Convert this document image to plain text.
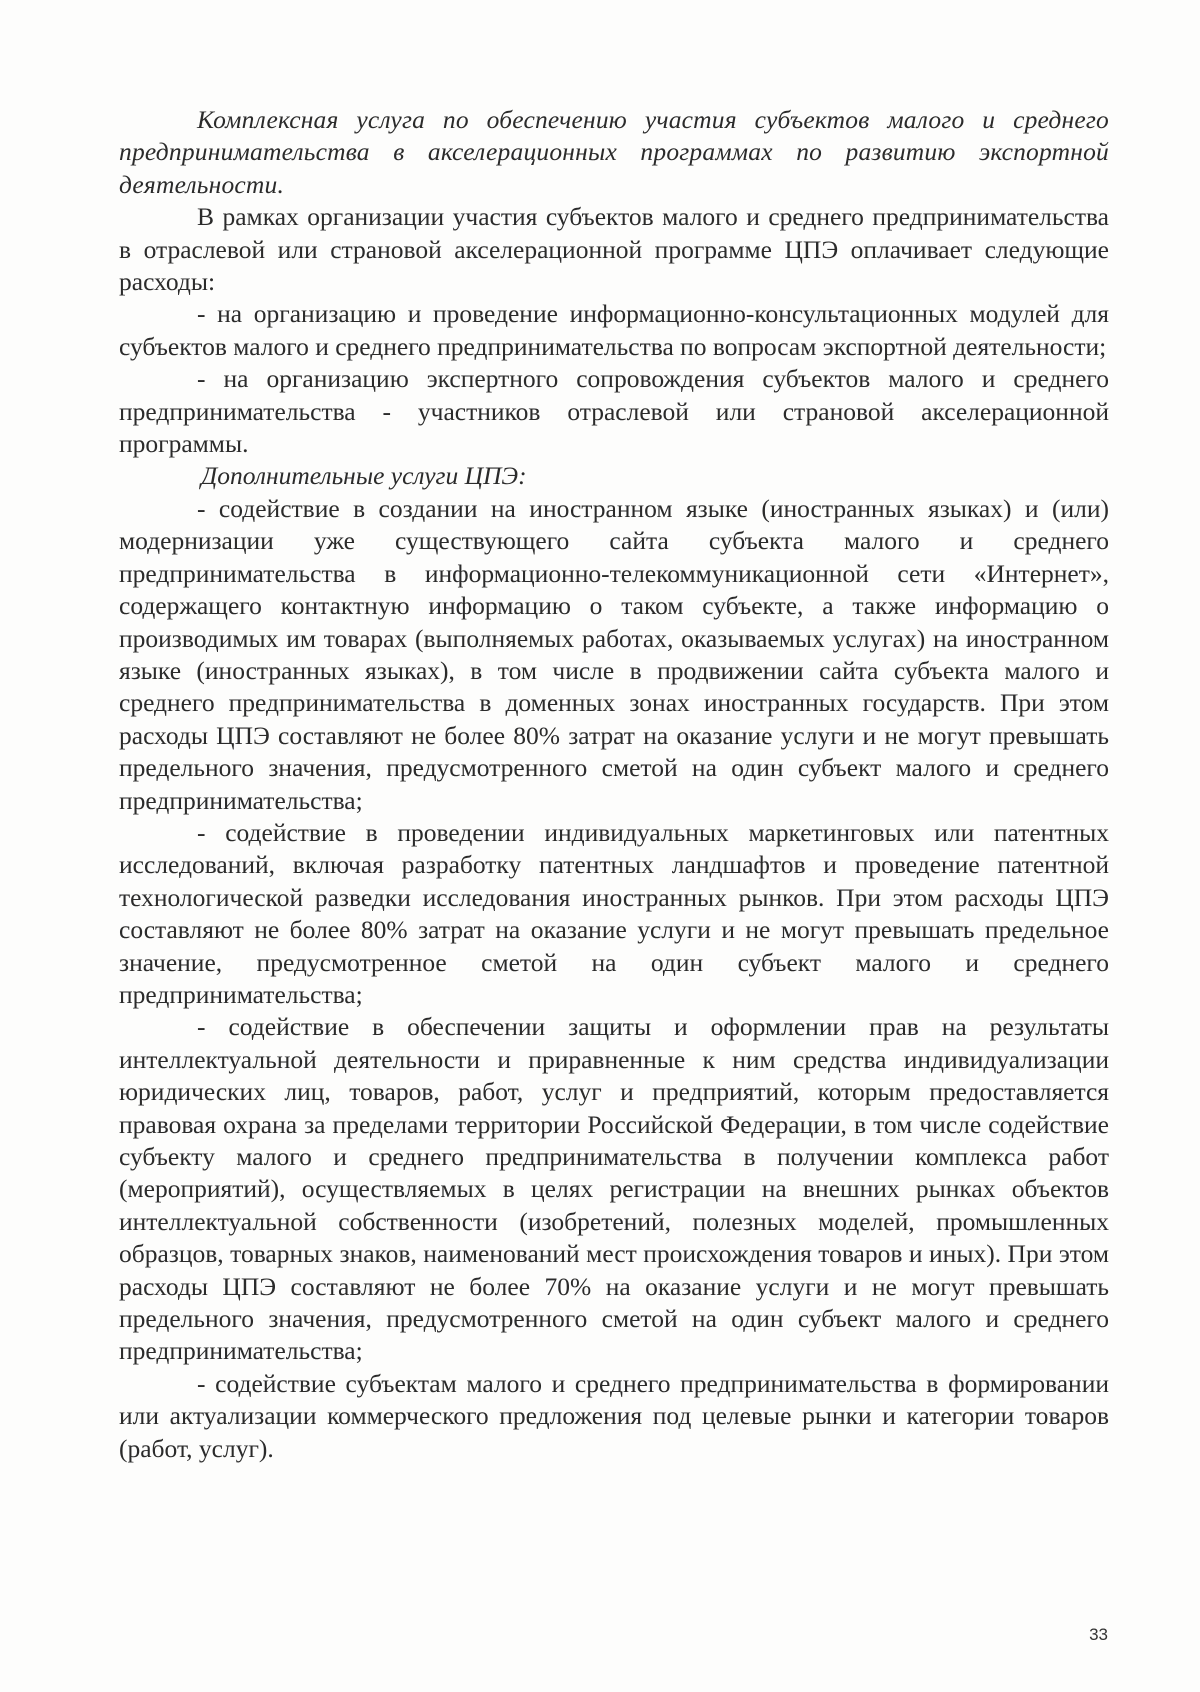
Комплексная услуга по обеспечению участия субъектов малого и среднего предпринимательства в акселерационных программах по развитию экспортной деятельности.

В рамках организации участия субъектов малого и среднего предпринимательства в отраслевой или страновой акселерационной программе ЦПЭ оплачивает следующие расходы:

- на организацию и проведение информационно-консультационных модулей для субъектов малого и среднего предпринимательства по вопросам экспортной деятельности;

- на организацию экспертного сопровождения субъектов малого и среднего предпринимательства - участников отраслевой или страновой акселерационной программы.

Дополнительные услуги ЦПЭ:

- содействие в создании на иностранном языке (иностранных языках) и (или) модернизации уже существующего сайта субъекта малого и среднего предпринимательства в информационно-телекоммуникационной сети «Интернет», содержащего контактную информацию о таком субъекте, а также информацию о производимых им товарах (выполняемых работах, оказываемых услугах) на иностранном языке (иностранных языках), в том числе в продвижении сайта субъекта малого и среднего предпринимательства в доменных зонах иностранных государств. При этом расходы ЦПЭ составляют не более 80% затрат на оказание услуги и не могут превышать предельного значения, предусмотренного сметой на один субъект малого и среднего предпринимательства;

- содействие в проведении индивидуальных маркетинговых или патентных исследований, включая разработку патентных ландшафтов и проведение патентной технологической разведки исследования иностранных рынков. При этом расходы ЦПЭ составляют не более 80% затрат на оказание услуги и не могут превышать предельное значение, предусмотренное сметой на один субъект малого и среднего предпринимательства;

- содействие в обеспечении защиты и оформлении прав на результаты интеллектуальной деятельности и приравненные к ним средства индивидуализации юридических лиц, товаров, работ, услуг и предприятий, которым предоставляется правовая охрана за пределами территории Российской Федерации, в том числе содействие субъекту малого и среднего предпринимательства в получении комплекса работ (мероприятий), осуществляемых в целях регистрации на внешних рынках объектов интеллектуальной собственности (изобретений, полезных моделей, промышленных образцов, товарных знаков, наименований мест происхождения товаров и иных). При этом расходы ЦПЭ составляют не более 70% на оказание услуги и не могут превышать предельного значения, предусмотренного сметой на один субъект малого и среднего предпринимательства;

- содействие субъектам малого и среднего предпринимательства в формировании или актуализации коммерческого предложения под целевые рынки и категории товаров (работ, услуг).

33
